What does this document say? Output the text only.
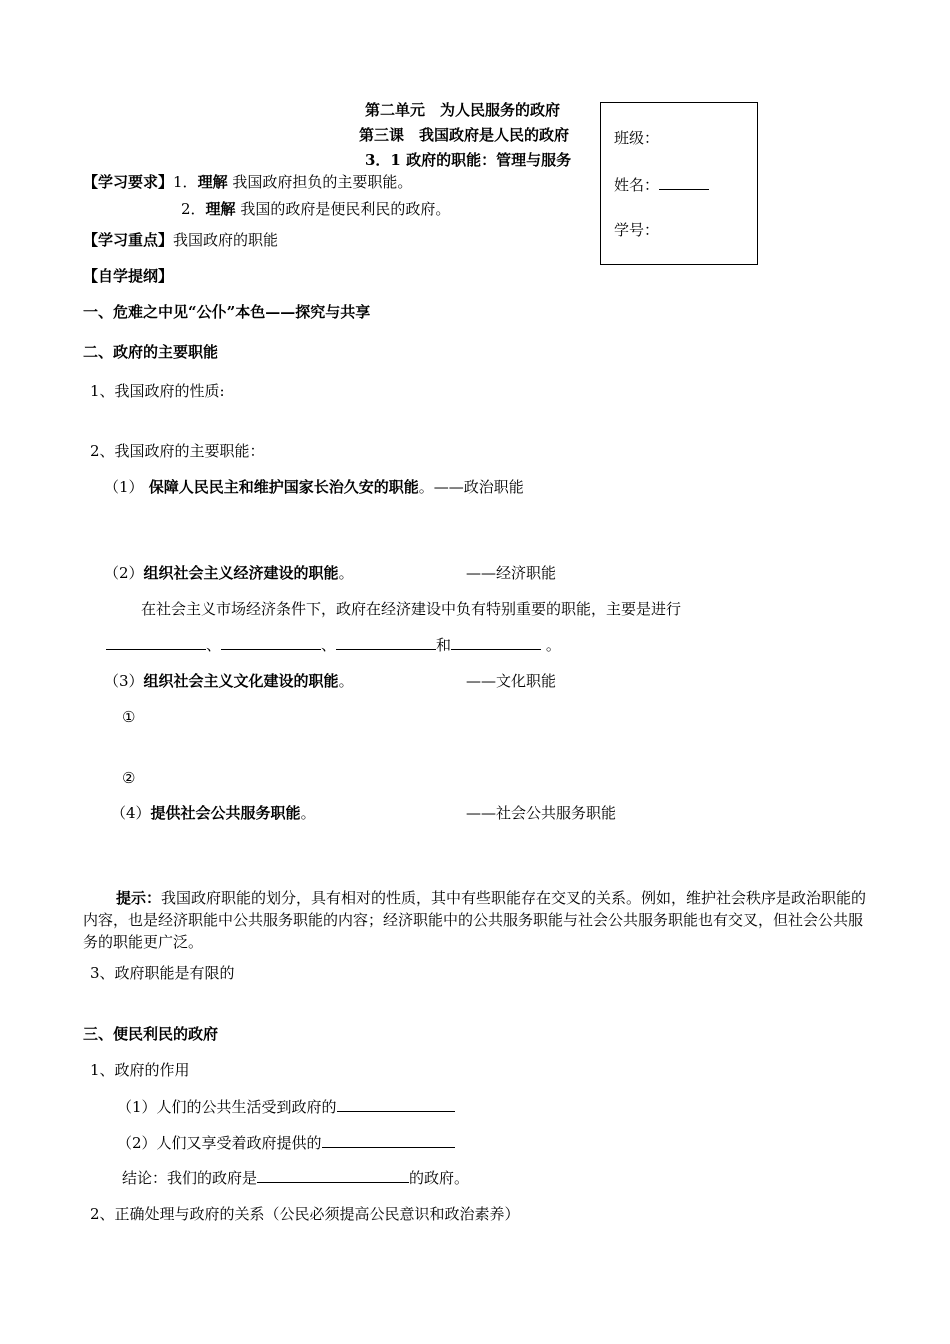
第二单元　为人民服务的政府
第三课　我国政府是人民的政府
3．1 政府的职能：管理与服务
班级：
姓名：
学号：
【学习要求】1．理解 我国政府担负的主要职能。
2．理解 我国的政府是便民利民的政府。
【学习重点】我国政府的职能
【自学提纲】
一、危难之中见“公仆”本色——探究与共享
二、政府的主要职能
1、我国政府的性质:
2、我国政府的主要职能：
（1） 保障人民民主和维护国家长治久安的职能。——政治职能
（2）组织社会主义经济建设的职能。	——经济职能
在社会主义市场经济条件下，政府在经济建设中负有特别重要的职能，主要是进行
、	、	和	。
（3）组织社会主义文化建设的职能。	——文化职能
①
②
（4）提供社会公共服务职能。	——社会公共服务职能
提示：我国政府职能的划分，具有相对的性质，其中有些职能存在交叉的关系。例如，维护社会秩序是政治职能的内容，也是经济职能中公共服务职能的内容；经济职能中的公共服务职能与社会公共服务职能也有交叉，但社会公共服务的职能更广泛。
3、政府职能是有限的
三、便民利民的政府
1、政府的作用
（1）人们的公共生活受到政府的
（2）人们又享受着政府提供的
结论：我们的政府是	的政府。
2、正确处理与政府的关系（公民必须提高公民意识和政治素养）
